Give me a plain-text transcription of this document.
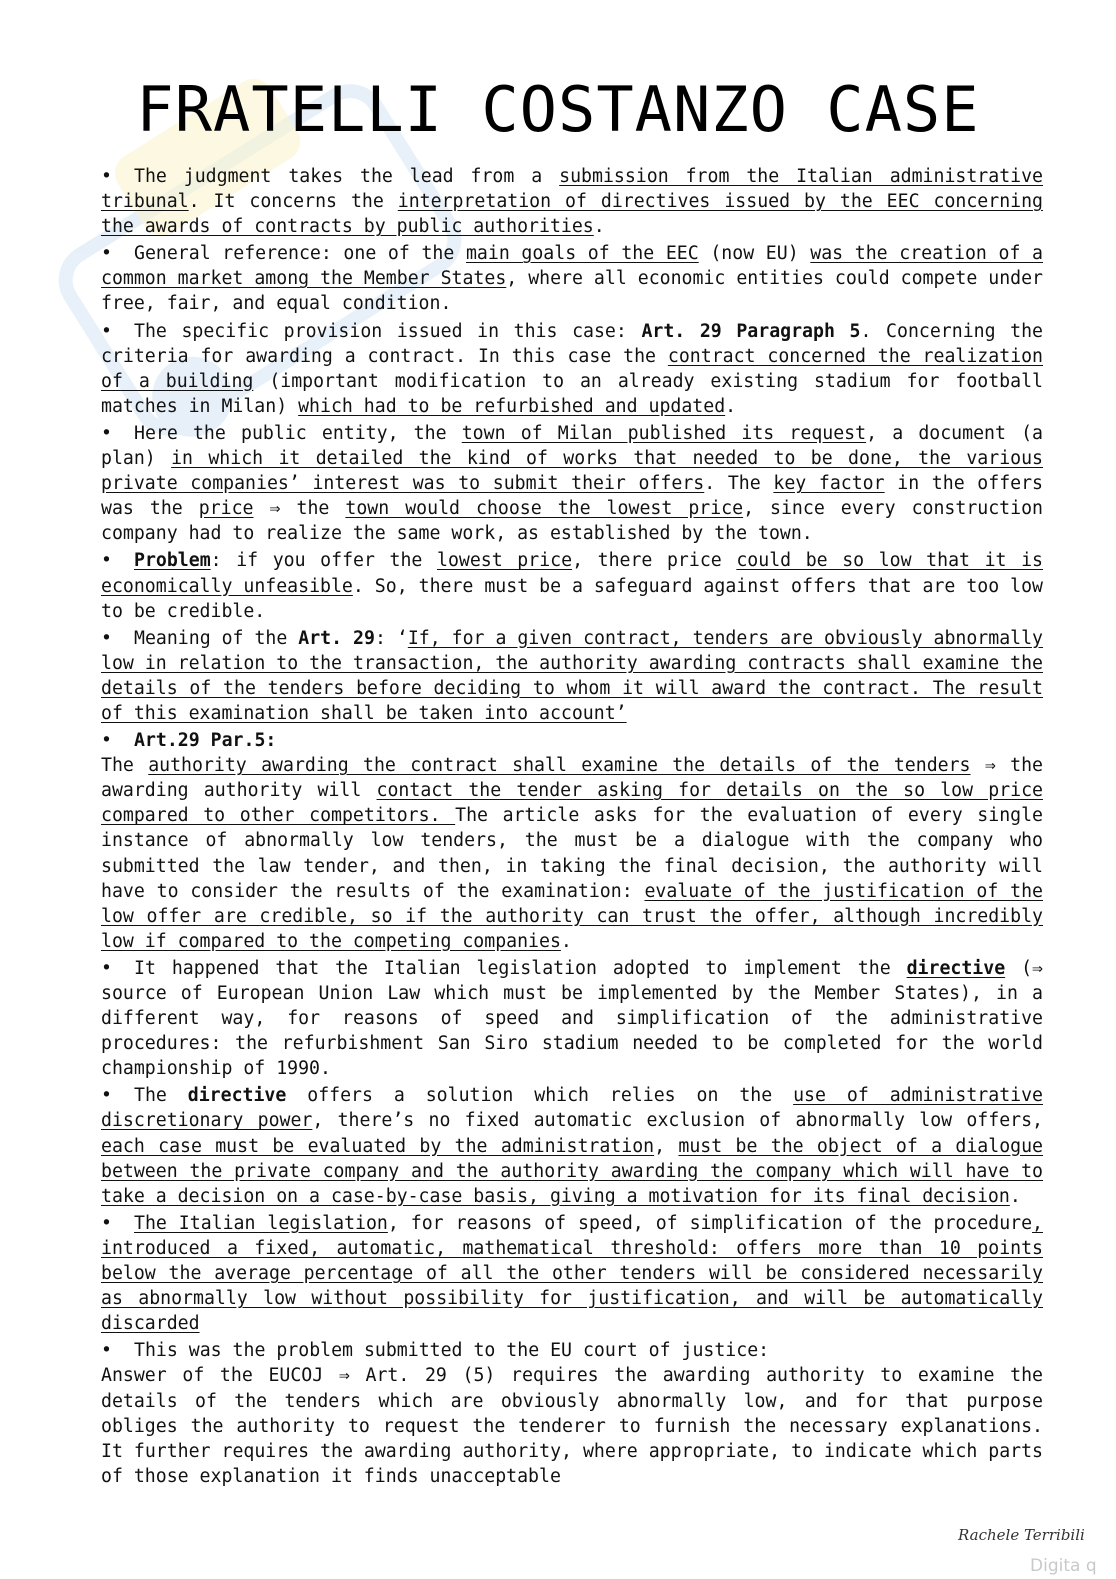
FRATELLI COSTANZO CASE

• The judgment takes the lead from a submission from the Italian administrative tribunal. It concerns the interpretation of directives issued by the EEC concerning the awards of contracts by public authorities.

• General reference: one of the main goals of the EEC (now EU) was the creation of a common market among the Member States, where all economic entities could compete under free, fair, and equal condition.

• The specific provision issued in this case: Art. 29 Paragraph 5. Concerning the criteria for awarding a contract. In this case the contract concerned the realization of a building (important modification to an already existing stadium for football matches in Milan) which had to be refurbished and updated.

• Here the public entity, the town of Milan published its request, a document (a plan) in which it detailed the kind of works that needed to be done, the various private companies’ interest was to submit their offers. The key factor in the offers was the price ⇒ the town would choose the lowest price, since every construction company had to realize the same work, as established by the town.

• Problem: if you offer the lowest price, there price could be so low that it is economically unfeasible. So, there must be a safeguard against offers that are too low to be credible.

• Meaning of the Art. 29: ‘If, for a given contract, tenders are obviously abnormally low in relation to the transaction, the authority awarding contracts shall examine the details of the tenders before deciding to whom it will award the contract. The result of this examination shall be taken into account’

• Art.29 Par.5:

The authority awarding the contract shall examine the details of the tenders ⇒ the awarding authority will contact the tender asking for details on the so low price compared to other competitors. The article asks for the evaluation of every single instance of abnormally low tenders, the must be a dialogue with the company who submitted the law tender, and then, in taking the final decision, the authority will have to consider the results of the examination: evaluate of the justification of the low offer are credible, so if the authority can trust the offer, although incredibly low if compared to the competing companies.

• It happened that the Italian legislation adopted to implement the directive (⇒ source of European Union Law which must be implemented by the Member States), in a different way, for reasons of speed and simplification of the administrative procedures: the refurbishment San Siro stadium needed to be completed for the world championship of 1990.

• The directive offers a solution which relies on the use of administrative discretionary power, there’s no fixed automatic exclusion of abnormally low offers, each case must be evaluated by the administration, must be the object of a dialogue between the private company and the authority awarding the company which will have to take a decision on a case-by-case basis, giving a motivation for its final decision.

• The Italian legislation, for reasons of speed, of simplification of the procedure, introduced a fixed, automatic, mathematical threshold: offers more than 10 points below the average percentage of all the other tenders will be considered necessarily as abnormally low without possibility for justification, and will be automatically discarded

• This was the problem submitted to the EU court of justice:

Answer of the EUCOJ ⇒ Art. 29 (5) requires the awarding authority to examine the details of the tenders which are obviously abnormally low, and for that purpose obliges the authority to request the tenderer to furnish the necessary explanations. It further requires the awarding authority, where appropriate, to indicate which parts of those explanation it finds unacceptable

Rachele Terribili
Digita q
